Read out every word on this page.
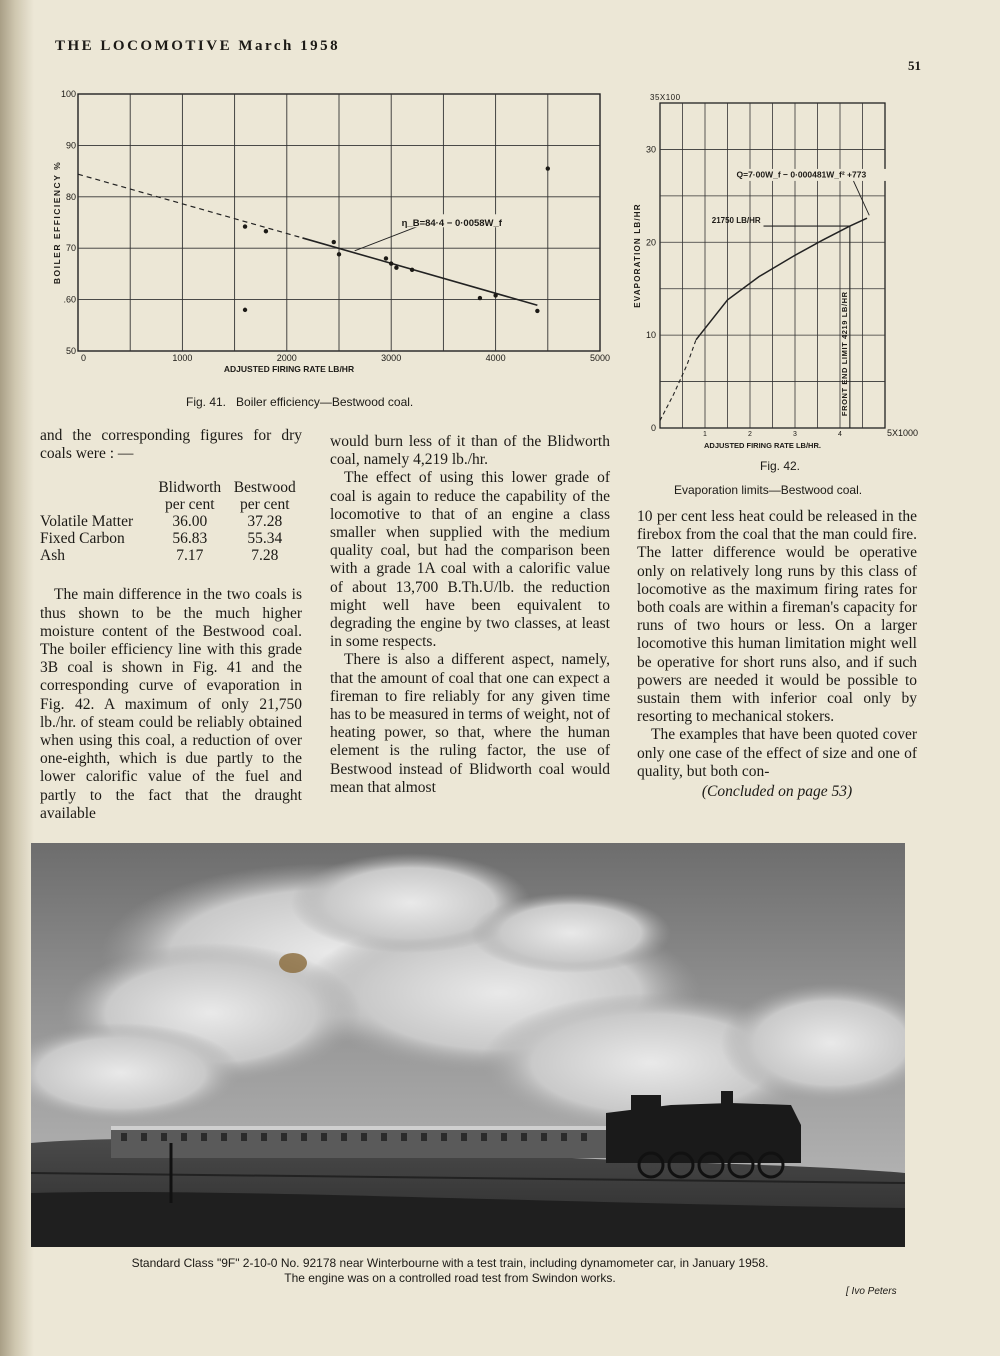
THE LOCOMOTIVE March 1958
51
0	1000	2000	3000	4000	5000
50
.60
70
80
90
100
ADJUSTED FIRING RATE LB/HR
BOILER EFFICIENCY %	η_B=84·4 − 0·0058W_f
Fig. 41. Boiler efficiency—Bestwood coal.
35X100
0
10
20
30
1	2	3	4	5X1000
ADJUSTED FIRING RATE LB/HR.
EVAPORATION LB/HR	21750 LB/HR
FRONT END LIMIT 4219 LB/HR
Q=7·00W_f − 0·000481W_f² +773
Fig. 42.
Evaporation limits—Bestwood coal.

and the corresponding figures for dry coals were : —

	Blidworth	Bestwood
	per cent	per cent
Volatile Matter	36.00	37.28
Fixed Carbon	56.83	55.34
Ash	7.17	7.28

The main difference in the two coals is thus shown to be the much higher moisture content of the Bestwood coal. The boiler efficiency line with this grade 3B coal is shown in Fig. 41 and the corresponding curve of evaporation in Fig. 42. A maximum of only 21,750 lb./hr. of steam could be reliably obtained when using this coal, a reduction of over one-eighth, which is due partly to the lower calorific value of the fuel and partly to the fact that the draught available

would burn less of it than of the Blidworth coal, namely 4,219 lb./hr.

The effect of using this lower grade of coal is again to reduce the capability of the locomotive to that of an engine a class smaller when supplied with the medium quality coal, but had the comparison been with a grade 1A coal with a calorific value of about 13,700 B.Th.U/lb. the reduction might well have been equivalent to degrading the engine by two classes, at least in some respects.

There is also a different aspect, namely, that the amount of coal that one can expect a fireman to fire reliably for any given time has to be measured in terms of weight, not of heating power, so that, where the human element is the ruling factor, the use of Bestwood instead of Blidworth coal would mean that almost

10 per cent less heat could be released in the firebox from the coal that the man could fire. The latter difference would be operative only on relatively long runs by this class of locomotive as the maximum firing rates for both coals are within a fireman's capacity for runs of two hours or less. On a larger locomotive this human limitation might well be operative for short runs also, and if such powers are needed it would be possible to sustain them with inferior coal only by resorting to mechanical stokers.

The examples that have been quoted cover only one case of the effect of size and one of quality, but both con-

(Concluded on page 53)

Standard Class "9F" 2-10-0 No. 92178 near Winterbourne with a test train, including dynamometer car, in January 1958.
The engine was on a controlled road test from Swindon works.
[ Ivo Peters
